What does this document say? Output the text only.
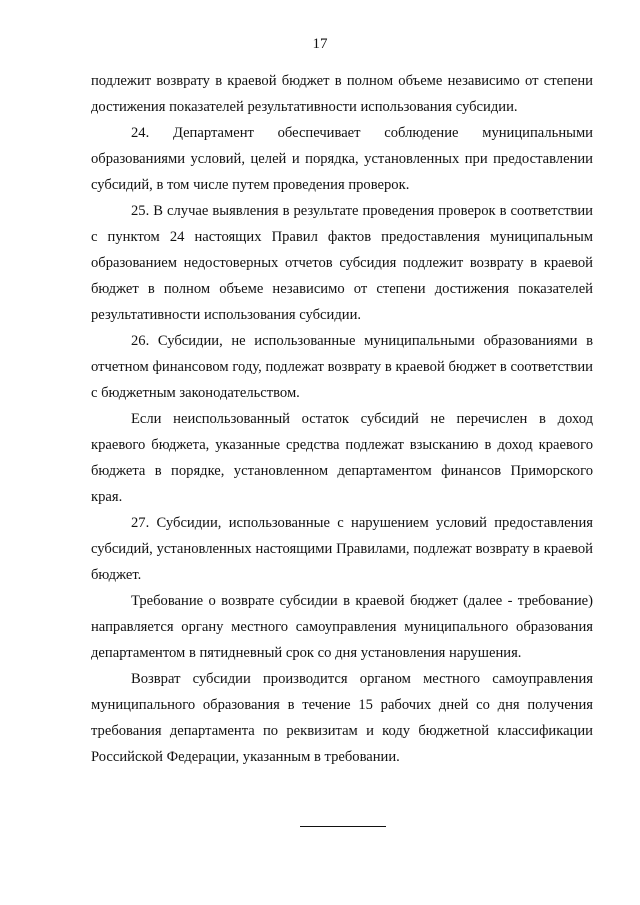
17

подлежит возврату в краевой бюджет в полном объеме независимо от степени достижения показателей результативности использования субсидии.

24. Департамент обеспечивает соблюдение муниципальными образованиями условий, целей и порядка, установленных при предоставлении субсидий, в том числе путем проведения проверок.

25. В случае выявления в результате проведения проверок в соответствии с пунктом 24 настоящих Правил фактов предоставления муниципальным образованием недостоверных отчетов субсидия подлежит возврату в краевой бюджет в полном объеме независимо от степени достижения показателей результативности использования субсидии.

26. Субсидии, не использованные муниципальными образованиями в отчетном финансовом году, подлежат возврату в краевой бюджет в соответствии с бюджетным законодательством.

Если неиспользованный остаток субсидий не перечислен в доход краевого бюджета, указанные средства подлежат взысканию в доход краевого бюджета в порядке, установленном департаментом финансов Приморского края.

27. Субсидии, использованные с нарушением условий предоставления субсидий, установленных настоящими Правилами, подлежат возврату в краевой бюджет.

Требование о возврате субсидии в краевой бюджет (далее - требование) направляется органу местного самоуправления муниципального образования департаментом в пятидневный срок со дня установления нарушения.

Возврат субсидии производится органом местного самоуправления муниципального образования в течение 15 рабочих дней со дня получения требования департамента по реквизитам и коду бюджетной классификации Российской Федерации, указанным в требовании.
